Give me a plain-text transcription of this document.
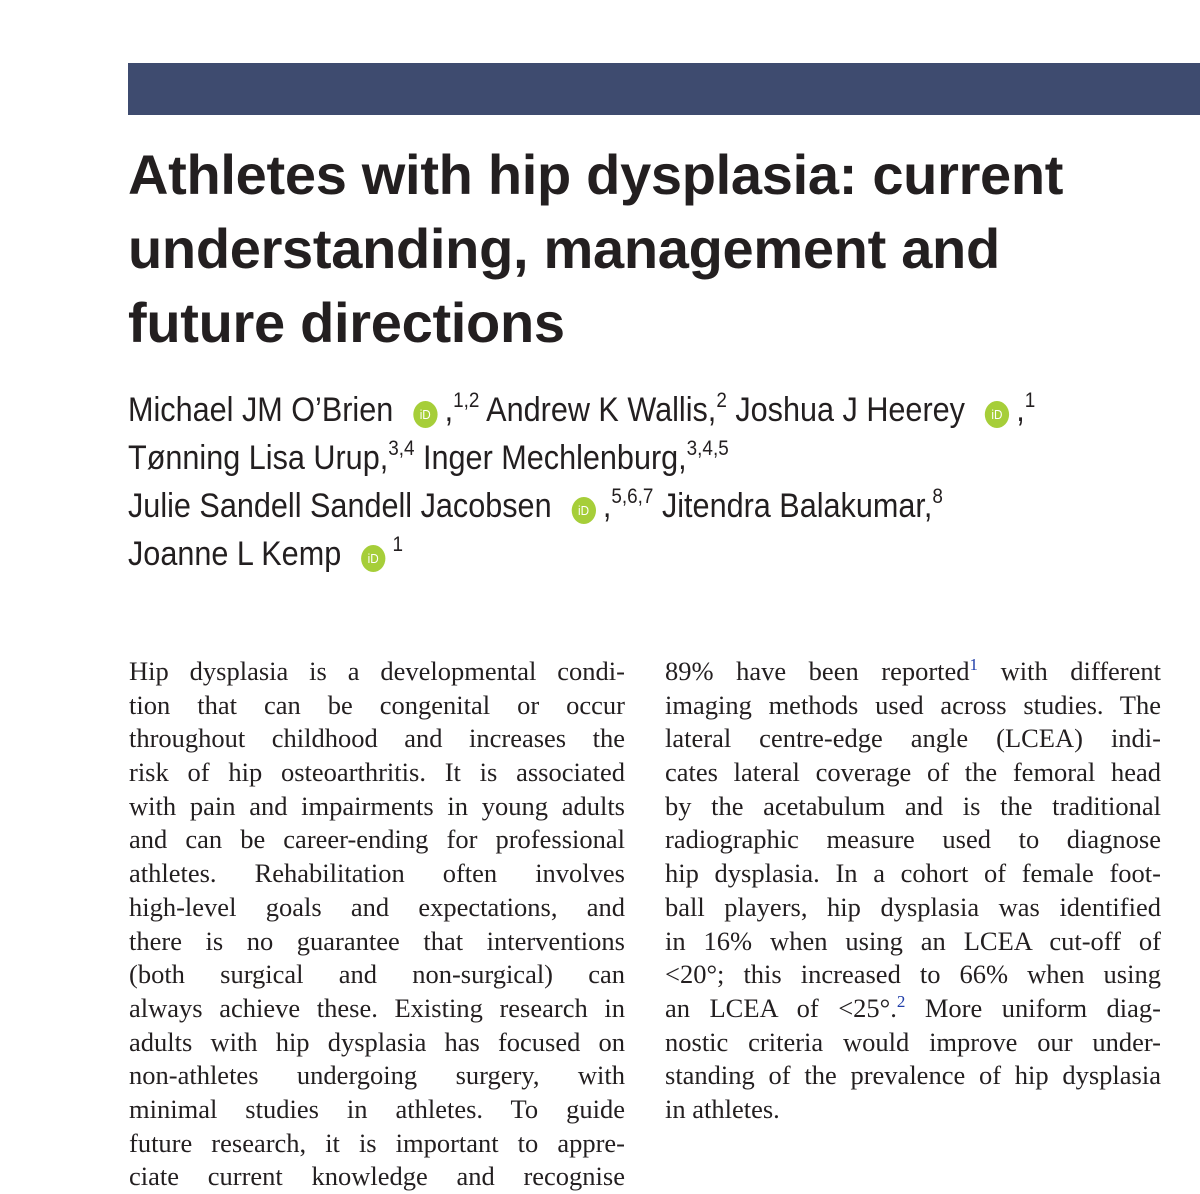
Athletes with hip dysplasia: current
understanding, management and
future directions
Michael JM O’Brien iD ,$^{1,2}$ Andrew K Wallis,$^2$ Joshua J Heerey iD ,$^1$
Tønning Lisa Urup,$^{3,4}$ Inger Mechlenburg,$^{3,4,5}$
Julie Sandell Sandell Jacobsen iD ,$^{5,6,7}$ Jitendra Balakumar,$^8$
Joanne L Kemp $iD^1$
Hip dysplasia is a developmental condi-
tion that can be congenital or occur
throughout childhood and increases the
risk of hip osteoarthritis. It is associated
with pain and impairments in young adults
and can be career-ending for professional
athletes. Rehabilitation often involves
high-level goals and expectations, and
there is no guarantee that interventions
(both surgical and non-surgical) can
always achieve these. Existing research in
adults with hip dysplasia has focused on
non-athletes undergoing surgery, with
minimal studies in athletes. To guide
future research, it is important to appre-
ciate current knowledge and recognise
89% have been reported$^1$ with different
imaging methods used across studies. The
lateral centre-edge angle (LCEA) indi-
cates lateral coverage of the femoral head
by the acetabulum and is the traditional
radiographic measure used to diagnose
hip dysplasia. In a cohort of female foot-
ball players, hip dysplasia was identified
in 16% when using an LCEA cut-off of
<20°; this increased to 66% when using
an LCEA of <25°.$^2$ More uniform diag-
nostic criteria would improve our under-
standing of the prevalence of hip dysplasia
in athletes.
